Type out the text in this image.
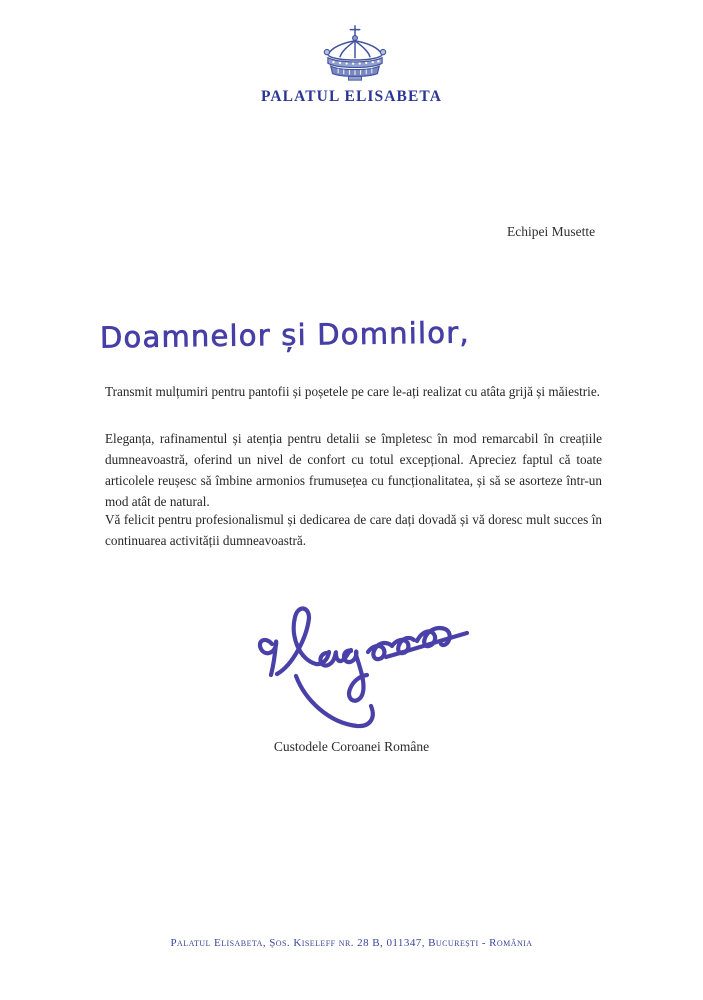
PALATUL ELISABETA
Echipei Musette
Doamnelor și Domnilor,

Transmit mulțumiri pentru pantofii și poșetele pe care le-ați realizat cu atâta grijă și măiestrie.

Eleganța, rafinamentul și atenția pentru detalii se împletesc în mod remarcabil în creațiile dumneavoastră, oferind un nivel de confort cu totul excepțional. Apreciez faptul că toate articolele reușesc să îmbine armonios frumusețea cu funcționalitatea, și să se asorteze într-un mod atât de natural.

Vă felicit pentru profesionalismul și dedicarea de care dați dovadă și vă doresc mult succes în continuarea activității dumneavoastră.

Custodele Coroanei Române
Palatul Elisabeta, Șos. Kiseleff nr. 28 B, 011347, București - România
